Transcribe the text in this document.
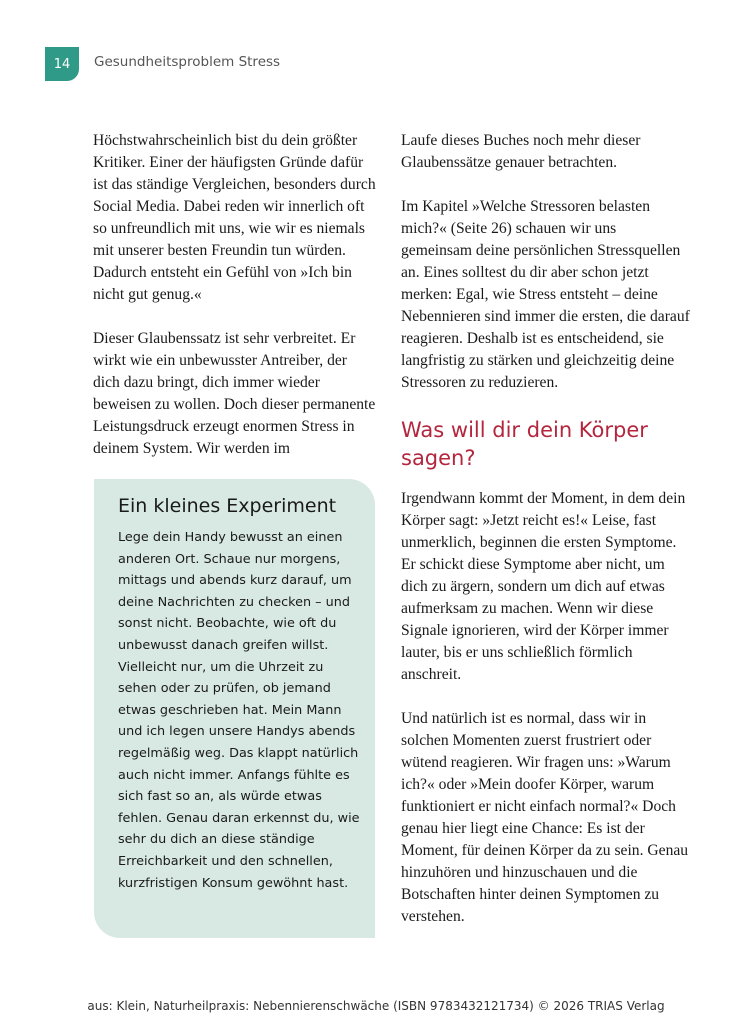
14	Gesundheitsproblem Stress

Höchstwahrscheinlich bist du dein größter Kritiker. Einer der häufigsten Gründe dafür ist das ständige Vergleichen, besonders durch Social Media. Dabei reden wir innerlich oft so unfreundlich mit uns, wie wir es niemals mit unserer besten Freundin tun würden. Dadurch entsteht ein Gefühl von »Ich bin nicht gut genug.«

Dieser Glaubenssatz ist sehr verbreitet. Er wirkt wie ein unbewusster Antreiber, der dich dazu bringt, dich immer wieder beweisen zu wollen. Doch dieser permanente Leistungsdruck erzeugt enormen Stress in deinem System. Wir werden im

Ein kleines Experiment
Lege dein Handy bewusst an einen anderen Ort. Schaue nur morgens, mittags und abends kurz darauf, um deine Nachrichten zu checken – und sonst nicht. Beobachte, wie oft du unbewusst danach greifen willst. Vielleicht nur, um die Uhrzeit zu sehen oder zu prüfen, ob jemand etwas geschrieben hat. Mein Mann und ich legen unsere Handys abends regelmäßig weg. Das klappt natürlich auch nicht immer. Anfangs fühlte es sich fast so an, als würde etwas fehlen. Genau daran erkennst du, wie sehr du dich an diese ständige Erreichbarkeit und den schnellen, kurzfristigen Konsum gewöhnt hast.

Laufe dieses Buches noch mehr dieser Glaubenssätze genauer betrachten.

Im Kapitel »Welche Stressoren belasten mich?« (Seite 26) schauen wir uns gemeinsam deine persönlichen Stressquellen an. Eines solltest du dir aber schon jetzt merken: Egal, wie Stress entsteht – deine Nebennieren sind immer die ersten, die darauf reagieren. Deshalb ist es entscheidend, sie langfristig zu stärken und gleichzeitig deine Stressoren zu reduzieren.

Was will dir dein Körper sagen?

Irgendwann kommt der Moment, in dem dein Körper sagt: »Jetzt reicht es!« Leise, fast unmerklich, beginnen die ersten Symptome. Er schickt diese Symptome aber nicht, um dich zu ärgern, sondern um dich auf etwas aufmerksam zu machen. Wenn wir diese Signale ignorieren, wird der Körper immer lauter, bis er uns schließlich förmlich anschreit.

Und natürlich ist es normal, dass wir in solchen Momenten zuerst frustriert oder wütend reagieren. Wir fragen uns: »Warum ich?« oder »Mein doofer Körper, warum funktioniert er nicht einfach normal?« Doch genau hier liegt eine Chance: Es ist der Moment, für deinen Körper da zu sein. Genau hinzuhören und hinzuschauen und die Botschaften hinter deinen Symptomen zu verstehen.

aus: Klein, Naturheilpraxis: Nebennierenschwäche (ISBN 9783432121734) © 2026 TRIAS Verlag
